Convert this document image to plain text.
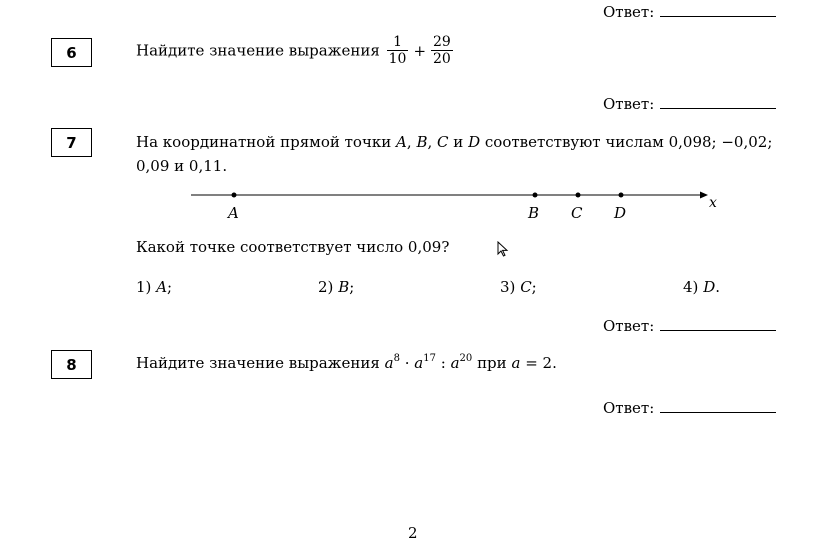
Ответ:
6	Найдите значение выражения $\frac{1}{10} + \frac{29}{20}$
Ответ:
7	На координатной прямой точки A, B, C и D соответствуют числам 0,098; −0,02;
0,09 и 0,11.
A	B C D
x
Какой точке соответствует число 0,09?
1) A;	2) B;	3) C;	4) D.
Ответ:
8	Найдите значение выражения $a^8 \cdot a^{17}$ : $a^{20}$ при a = 2.
Ответ:
2
